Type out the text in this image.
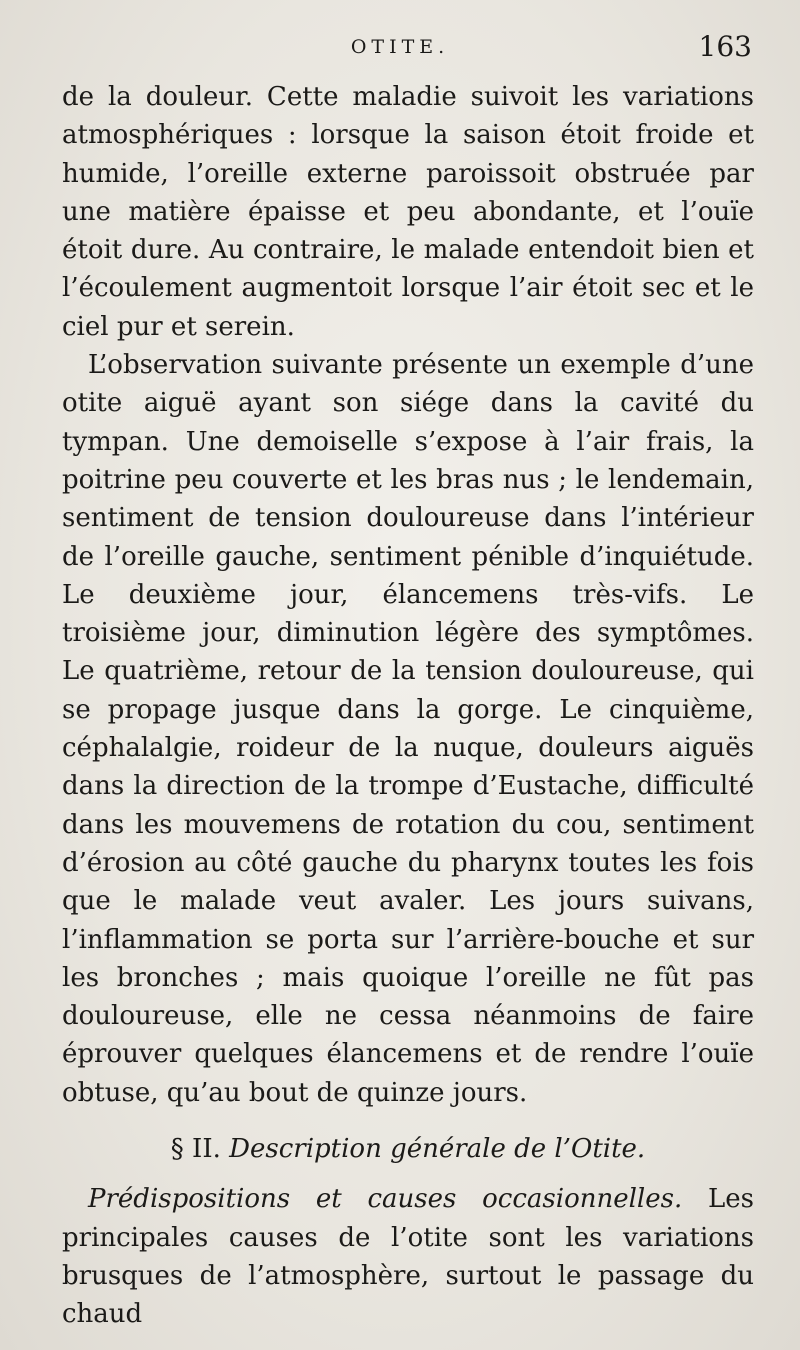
OTITE.	163

de la douleur. Cette maladie suivoit les variations atmosphériques : lorsque la saison étoit froide et humide, l’oreille externe paroissoit obstruée par une matière épaisse et peu abondante, et l’ouïe étoit dure. Au contraire, le malade entendoit bien et l’écoulement augmentoit lorsque l’air étoit sec et le ciel pur et serein.

L’observation suivante présente un exemple d’une otite aiguë ayant son siége dans la cavité du tympan. Une demoiselle s’expose à l’air frais, la poitrine peu couverte et les bras nus ; le lendemain, sentiment de tension douloureuse dans l’intérieur de l’oreille gauche, sentiment pénible d’inquiétude. Le deuxième jour, élancemens très-vifs. Le troisième jour, diminution légère des symptômes. Le quatrième, retour de la tension douloureuse, qui se propage jusque dans la gorge. Le cinquième, céphalalgie, roideur de la nuque, douleurs aiguës dans la direction de la trompe d’Eustache, difficulté dans les mouvemens de rotation du cou, sentiment d’érosion au côté gauche du pharynx toutes les fois que le malade veut avaler. Les jours suivans, l’inflammation se porta sur l’arrière-bouche et sur les bronches ; mais quoique l’oreille ne fût pas douloureuse, elle ne cessa néanmoins de faire éprouver quelques élancemens et de rendre l’ouïe obtuse, qu’au bout de quinze jours.

§ II. Description générale de l’Otite.

Prédispositions et causes occasionnelles. Les principales causes de l’otite sont les variations brusques de l’atmosphère, surtout le passage du chaud
